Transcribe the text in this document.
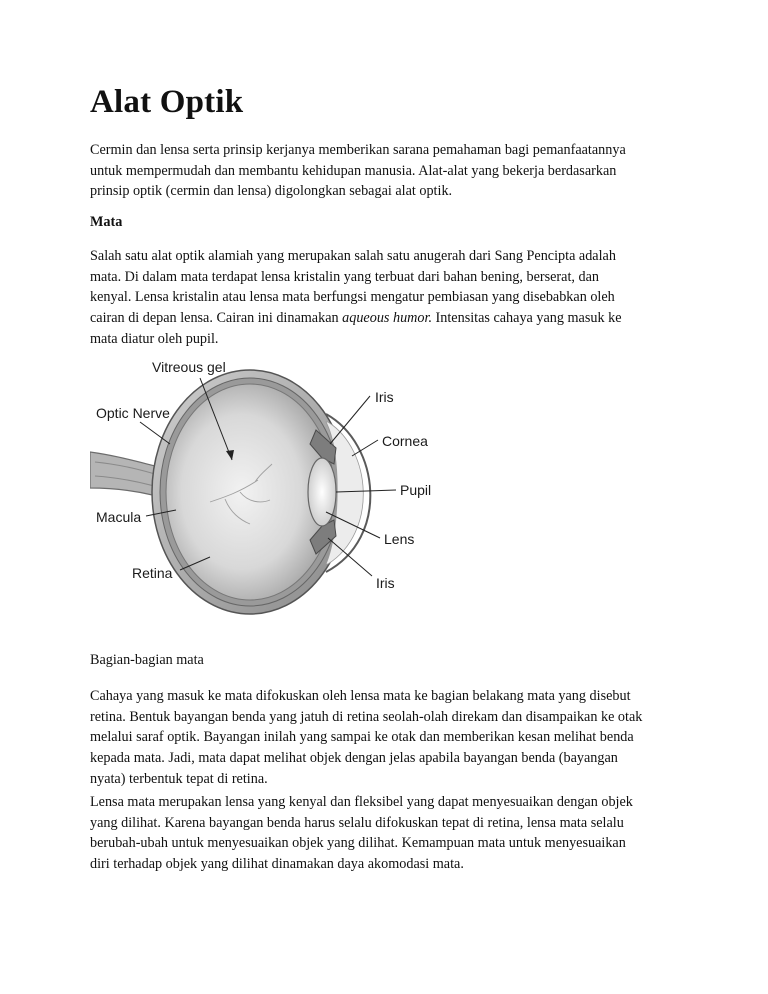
Alat Optik

Cermin dan lensa serta prinsip kerjanya memberikan sarana pemahaman bagi pemanfaatannya
untuk mempermudah dan membantu kehidupan manusia. Alat-alat yang bekerja berdasarkan
prinsip optik (cermin dan lensa) digolongkan sebagai alat optik.

Mata

Salah satu alat optik alamiah yang merupakan salah satu anugerah dari Sang Pencipta adalah
mata. Di dalam mata terdapat lensa kristalin yang terbuat dari bahan bening, berserat, dan
kenyal. Lensa kristalin atau lensa mata berfungsi mengatur pembiasan yang disebabkan oleh
cairan di depan lensa. Cairan ini dinamakan aqueous humor. Intensitas cahaya yang masuk ke
mata diatur oleh pupil.

Vitreous gel
Optic Nerve
Macula
Retina
Iris
Cornea
Pupil
Lens
Iris

Bagian-bagian mata

Cahaya yang masuk ke mata difokuskan oleh lensa mata ke bagian belakang mata yang disebut
retina. Bentuk bayangan benda yang jatuh di retina seolah-olah direkam dan disampaikan ke otak
melalui saraf optik. Bayangan inilah yang sampai ke otak dan memberikan kesan melihat benda
kepada mata. Jadi, mata dapat melihat objek dengan jelas apabila bayangan benda (bayangan
nyata) terbentuk tepat di retina.

Lensa mata merupakan lensa yang kenyal dan fleksibel yang dapat menyesuaikan dengan objek
yang dilihat. Karena bayangan benda harus selalu difokuskan tepat di retina, lensa mata selalu
berubah-ubah untuk menyesuaikan objek yang dilihat. Kemampuan mata untuk menyesuaikan
diri terhadap objek yang dilihat dinamakan daya akomodasi mata.
